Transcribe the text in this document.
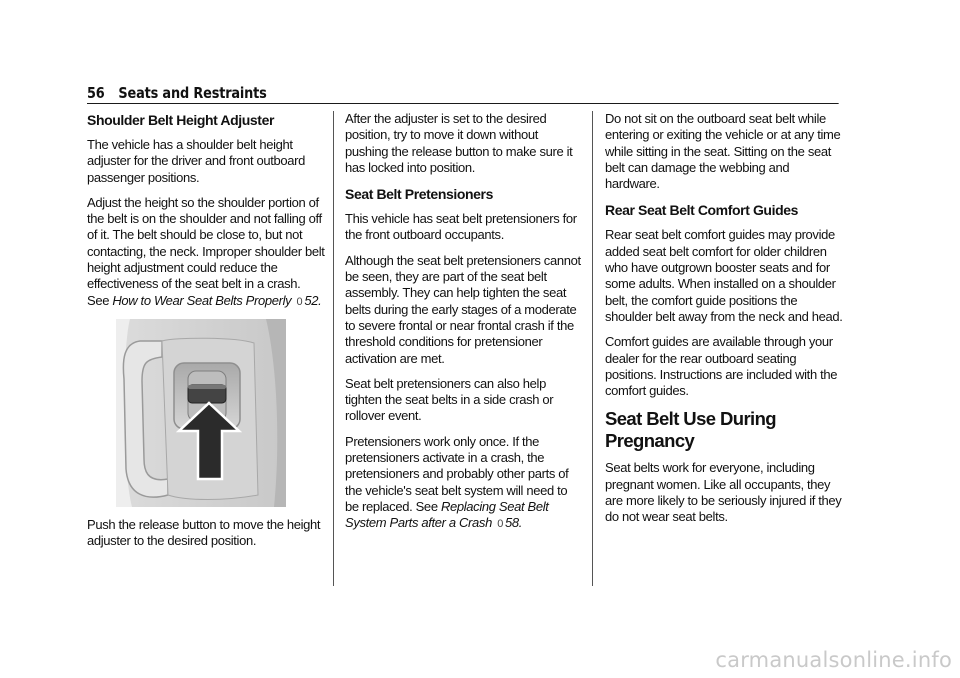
56 Seats and Restraints
Shoulder Belt Height Adjuster

The vehicle has a shoulder belt height adjuster for the driver and front outboard passenger positions.

Adjust the height so the shoulder portion of the belt is on the shoulder and not falling off of it. The belt should be close to, but not contacting, the neck. Improper shoulder belt height adjustment could reduce the effectiveness of the seat belt in a crash. See How to Wear Seat Belts Properly 0 52.

Push the release button to move the height adjuster to the desired position.

After the adjuster is set to the desired position, try to move it down without pushing the release button to make sure it has locked into position.

Seat Belt Pretensioners

This vehicle has seat belt pretensioners for the front outboard occupants.

Although the seat belt pretensioners cannot be seen, they are part of the seat belt assembly. They can help tighten the seat belts during the early stages of a moderate to severe frontal or near frontal crash if the threshold conditions for pretensioner activation are met.

Seat belt pretensioners can also help tighten the seat belts in a side crash or rollover event.

Pretensioners work only once. If the pretensioners activate in a crash, the pretensioners and probably other parts of the vehicle's seat belt system will need to be replaced. See Replacing Seat Belt System Parts after a Crash 0 58.

Do not sit on the outboard seat belt while entering or exiting the vehicle or at any time while sitting in the seat. Sitting on the seat belt can damage the webbing and hardware.

Rear Seat Belt Comfort Guides

Rear seat belt comfort guides may provide added seat belt comfort for older children who have outgrown booster seats and for some adults. When installed on a shoulder belt, the comfort guide positions the shoulder belt away from the neck and head.

Comfort guides are available through your dealer for the rear outboard seating positions. Instructions are included with the comfort guides.

Seat Belt Use During Pregnancy

Seat belts work for everyone, including pregnant women. Like all occupants, they are more likely to be seriously injured if they do not wear seat belts.

carmanualsonline.info
